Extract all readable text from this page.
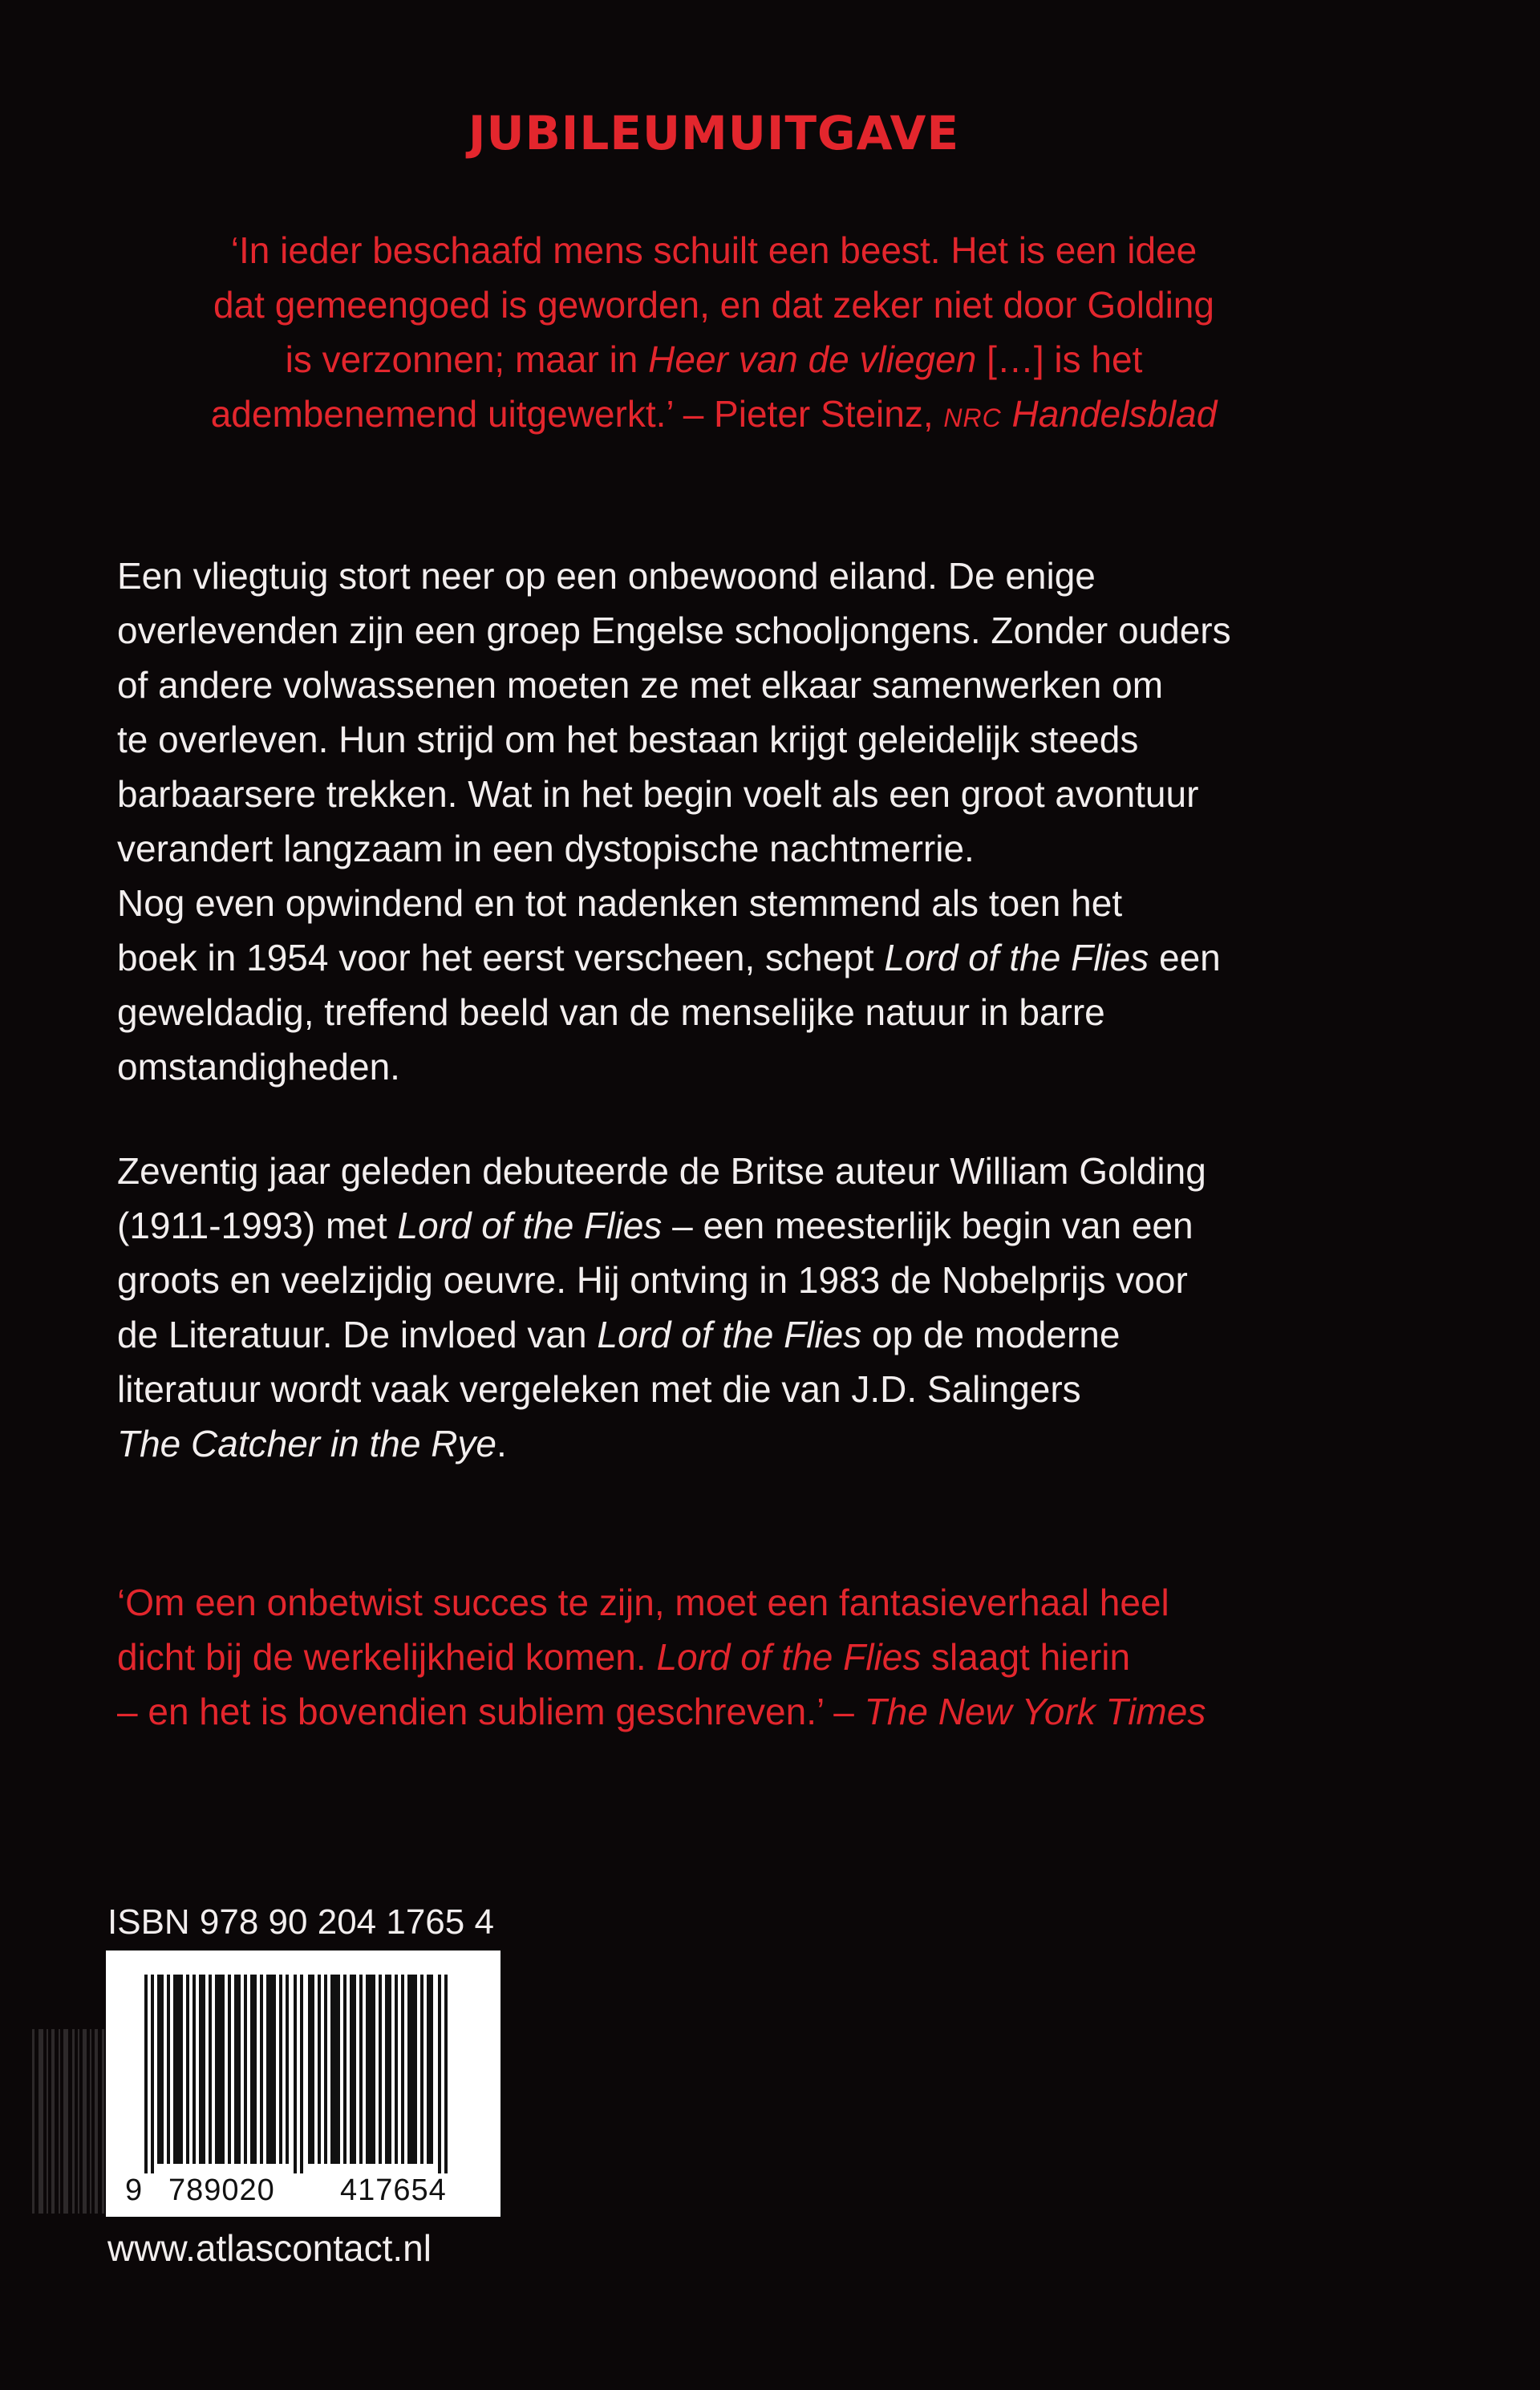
JUBILEUMUITGAVE
‘In ieder beschaafd mens schuilt een beest. Het is een idee
dat gemeengoed is geworden, en dat zeker niet door Golding
is verzonnen; maar in Heer van de vliegen […] is het
adembenemend uitgewerkt.’ – Pieter Steinz, NRC Handelsblad
Een vliegtuig stort neer op een onbewoond eiland. De enige
overlevenden zijn een groep Engelse schooljongens. Zonder ouders
of andere volwassenen moeten ze met elkaar samenwerken om
te overleven. Hun strijd om het bestaan krijgt geleidelijk steeds
barbaarsere trekken. Wat in het begin voelt als een groot avontuur
verandert langzaam in een dystopische nachtmerrie.
Nog even opwindend en tot nadenken stemmend als toen het
boek in 1954 voor het eerst verscheen, schept Lord of the Flies een
geweldadig, treffend beeld van de menselijke natuur in barre
omstandigheden.
Zeventig jaar geleden debuteerde de Britse auteur William Golding
(1911-1993) met Lord of the Flies – een meesterlijk begin van een
groots en veelzijdig oeuvre. Hij ontving in 1983 de Nobelprijs voor
de Literatuur. De invloed van Lord of the Flies op de moderne
literatuur wordt vaak vergeleken met die van J.D. Salingers
The Catcher in the Rye.
‘Om een onbetwist succes te zijn, moet een fantasieverhaal heel
dicht bij de werkelijkheid komen. Lord of the Flies slaagt hierin
– en het is bovendien subliem geschreven.’ – The New York Times
ISBN 978 90 204 1765 4
9 789020 417654
www.atlascontact.nl
